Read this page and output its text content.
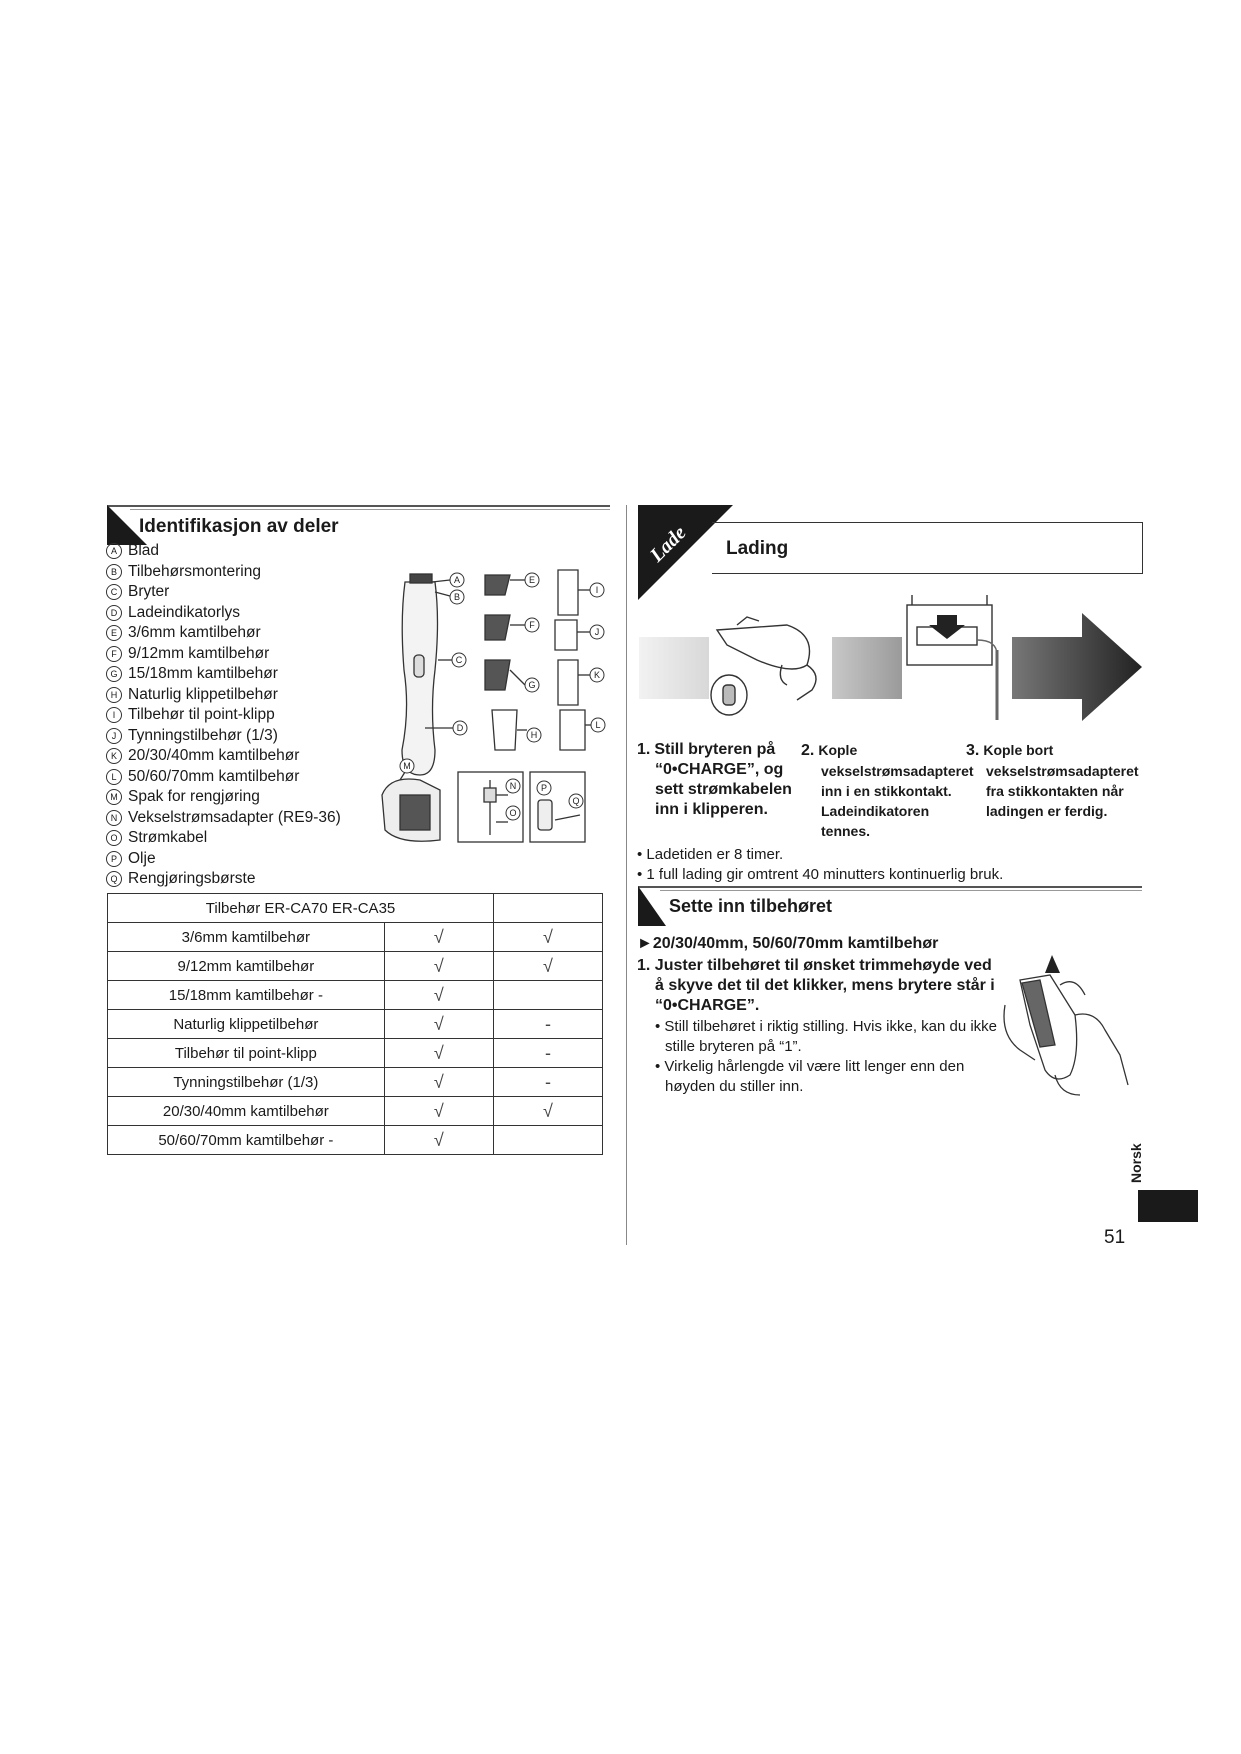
Identifikasjon av deler
A Blad
B Tilbehørsmontering
C Bryter
D Ladeindikatorlys
E 3/6mm kamtilbehør
F 9/12mm kamtilbehør
G 15/18mm kamtilbehør
H Naturlig klippetilbehør
I Tilbehør til point-klipp
J Tynningstilbehør (1/3)
K 20/30/40mm kamtilbehør
L 50/60/70mm kamtilbehør
M Spak for rengjøring
N Vekselstrømsadapter (RE9-36)
O Strømkabel
P Olje
Q Rengjøringsbørste
A
B
C
D
E
F
G
H
I
J
K
L
M
N
O
P
Q
Tilbehør ER-CA70 ER-CA35		
3/6mm kamtilbehør	√	√
9/12mm kamtilbehør	√	√
15/18mm kamtilbehør -	√	
Naturlig klippetilbehør	√	-
Tilbehør til point-klipp	√	-
Tynningstilbehør (1/3)	√	-
20/30/40mm kamtilbehør	√	√
50/60/70mm kamtilbehør -	√	
Lade Lading
1. Still bryteren på
“0•CHARGE”, og
sett strømkabelen
inn i klipperen.
2. Kople
vekselstrømsadapteret
inn i en stikkontakt.
Ladeindikatoren
tennes.
3. Kople bort
vekselstrømsadapteret
fra stikkontakten når
ladingen er ferdig.
• Ladetiden er 8 timer.
• 1 full lading gir omtrent 40 minutters kontinuerlig bruk.
Sette inn tilbehøret
►20/30/40mm, 50/60/70mm kamtilbehør
1. Juster tilbehøret til ønsket trimmehøyde ved
å skyve det til det klikker, mens brytere står i
“0•CHARGE”.
• Still tilbehøret i riktig stilling. Hvis ikke, kan du ikke
stille bryteren på “1”.
• Virkelig hårlengde vil være litt lenger enn den
høyden du stiller inn.
Norsk
51
